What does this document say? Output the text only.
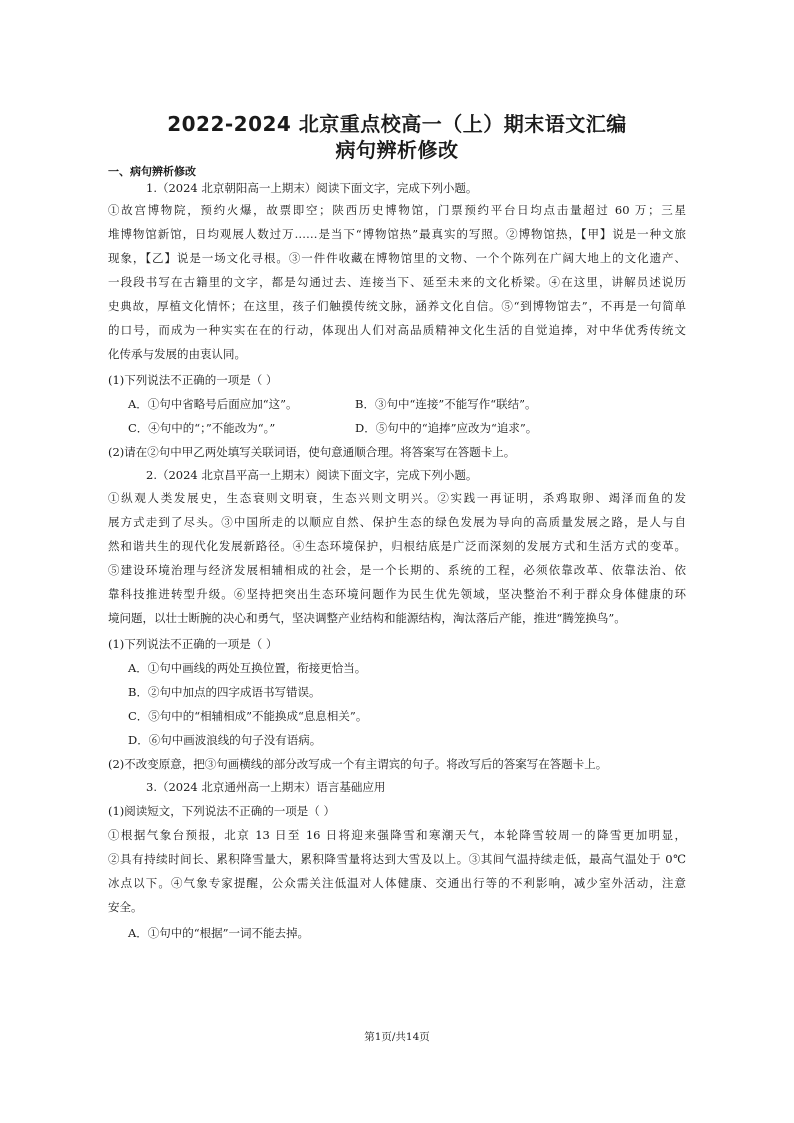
2022-2024 北京重点校高一（上）期末语文汇编
病句辨析修改
一、病句辨析修改
1.（2024 北京朝阳高一上期末）阅读下面文字，完成下列小题。
①故宫博物院，预约火爆，故票即空；陕西历史博物馆，门票预约平台日均点击量超过 60 万；三星
堆博物馆新馆，日均观展人数过万……是当下“博物馆热”最真实的写照。②博物馆热，【甲】说是一种文旅
现象，【乙】说是一场文化寻根。③一件件收藏在博物馆里的文物、一个个陈列在广阔大地上的文化遗产、
一段段书写在古籍里的文字，都是勾通过去、连接当下、延至未来的文化桥梁。④在这里，讲解员述说历
史典故，厚植文化情怀；在这里，孩子们触摸传统文脉，涵养文化自信。⑤“到博物馆去”，不再是一句简单
的口号，而成为一种实实在在的行动，体现出人们对高品质精神文化生活的自觉追捧，对中华优秀传统文
化传承与发展的由衷认同。
(1)下列说法不正确的一项是（ ）
A．①句中省略号后面应加“这”。	B．③句中“连接”不能写作“联结”。
C．④句中的“；”不能改为“。”	D．⑤句中的“追捧”应改为“追求”。
(2)请在②句中甲乙两处填写关联词语，使句意通顺合理。将答案写在答题卡上。
2.（2024 北京昌平高一上期末）阅读下面文字，完成下列小题。
①纵观人类发展史，生态衰则文明衰，生态兴则文明兴。②实践一再证明，杀鸡取卵、竭泽而鱼的发
展方式走到了尽头。③中国所走的以顺应自然、保护生态的绿色发展为导向的高质量发展之路，是人与自
然和谐共生的现代化发展新路径。④生态环境保护，归根结底是广泛而深刻的发展方式和生活方式的变革。
⑤建设环境治理与经济发展相辅相成的社会，是一个长期的、系统的工程，必须依靠改革、依靠法治、依
靠科技推进转型升级。⑥坚持把突出生态环境问题作为民生优先领域，坚决整治不利于群众身体健康的环
境问题，以壮士断腕的决心和勇气，坚决调整产业结构和能源结构，淘汰落后产能，推进“腾笼换鸟”。
(1)下列说法不正确的一项是（ ）
A．①句中画线的两处互换位置，衔接更恰当。
B．②句中加点的四字成语书写错误。
C．⑤句中的“相辅相成”不能换成“息息相关”。
D．⑥句中画波浪线的句子没有语病。
(2)不改变原意，把③句画横线的部分改写成一个有主谓宾的句子。将改写后的答案写在答题卡上。
3.（2024 北京通州高一上期末）语言基础应用
(1)阅读短文，下列说法不正确的一项是（ ）
①根据气象台预报，北京 13 日至 16 日将迎来强降雪和寒潮天气，本轮降雪较周一的降雪更加明显，
②具有持续时间长、累积降雪量大，累积降雪量将达到大雪及以上。③其间气温持续走低，最高气温处于 0℃
冰点以下。④气象专家提醒，公众需关注低温对人体健康、交通出行等的不利影响，减少室外活动，注意
安全。
A．①句中的“根据”一词不能去掉。
第1页/共14页
